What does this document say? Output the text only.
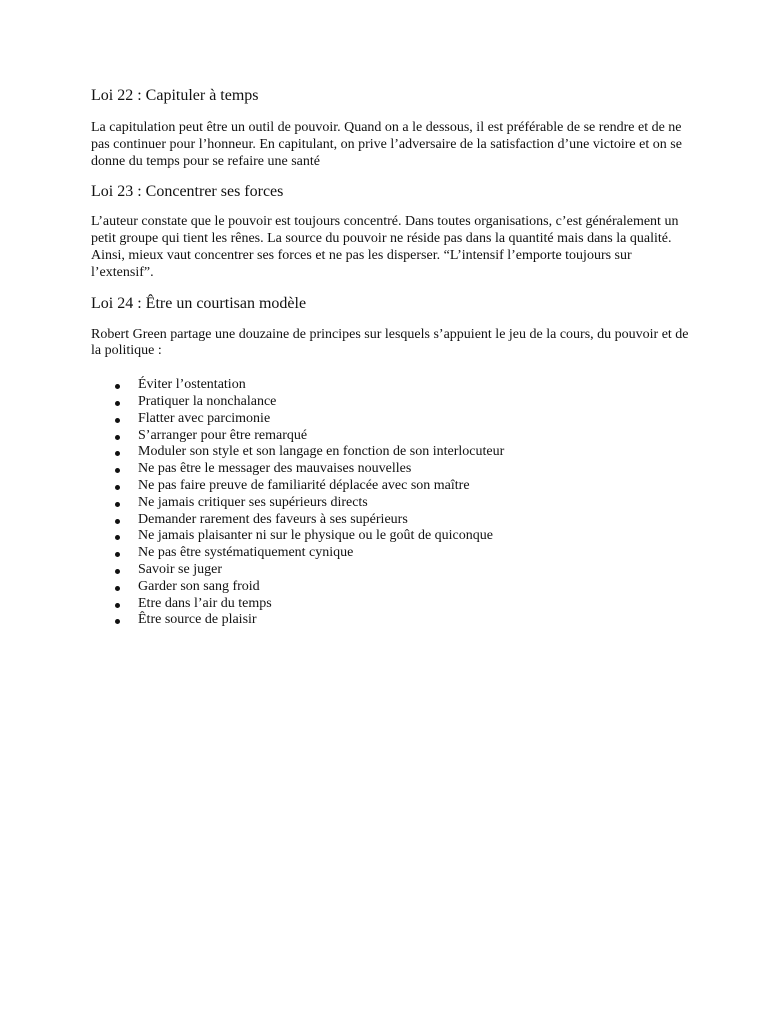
Loi 22 : Capituler à temps

La capitulation peut être un outil de pouvoir. Quand on a le dessous, il est préférable de se rendre et de ne pas continuer pour l’honneur. En capitulant, on prive l’adversaire de la satisfaction d’une victoire et on se donne du temps pour se refaire une santé

Loi 23 : Concentrer ses forces

L’auteur constate que le pouvoir est toujours concentré. Dans toutes organisations, c’est généralement un petit groupe qui tient les rênes. La source du pouvoir ne réside pas dans la quantité mais dans la qualité. Ainsi, mieux vaut concentrer ses forces et ne pas les disperser. “L’intensif l’emporte toujours sur l’extensif”.

Loi 24 : Être un courtisan modèle

Robert Green partage une douzaine de principes sur lesquels s’appuient le jeu de la cours, du pouvoir et de la politique :

Éviter l’ostentation
Pratiquer la nonchalance
Flatter avec parcimonie
S’arranger pour être remarqué
Moduler son style et son langage en fonction de son interlocuteur
Ne pas être le messager des mauvaises nouvelles
Ne pas faire preuve de familiarité déplacée avec son maître
Ne jamais critiquer ses supérieurs directs
Demander rarement des faveurs à ses supérieurs
Ne jamais plaisanter ni sur le physique ou le goût de quiconque
Ne pas être systématiquement cynique
Savoir se juger
Garder son sang froid
Etre dans l’air du temps
Être source de plaisir
